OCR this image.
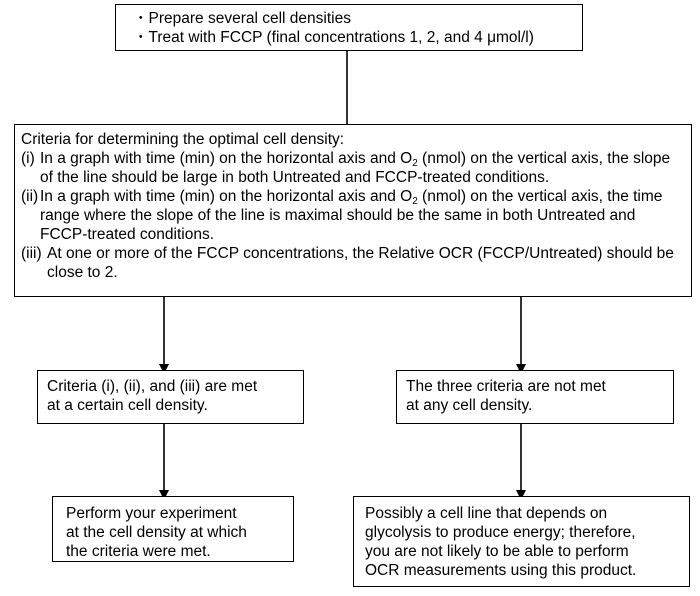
・Prepare several cell densities
・Treat with FCCP (final concentrations 1, 2, and 4 μmol/l)

Criteria for determining the optimal cell density:

(i) In a graph with time (min) on the horizontal axis and $O_2$ (nmol) on the vertical axis, the slope of the line should be large in both Untreated and FCCP-treated conditions.
(ii) In a graph with time (min) on the horizontal axis and $O_2$ (nmol) on the vertical axis, the time range where the slope of the line is maximal should be the same in both Untreated and FCCP-treated conditions.
(iii) At one or more of the FCCP concentrations, the Relative OCR (FCCP/Untreated) should be close to 2.

Criteria (i), (ii), and (iii) are met

at a certain cell density.

The three criteria are not met

at any cell density.

Perform your experiment

at the cell density at which

the criteria were met.

Possibly a cell line that depends on

glycolysis to produce energy; therefore,

you are not likely to be able to perform

OCR measurements using this product.
